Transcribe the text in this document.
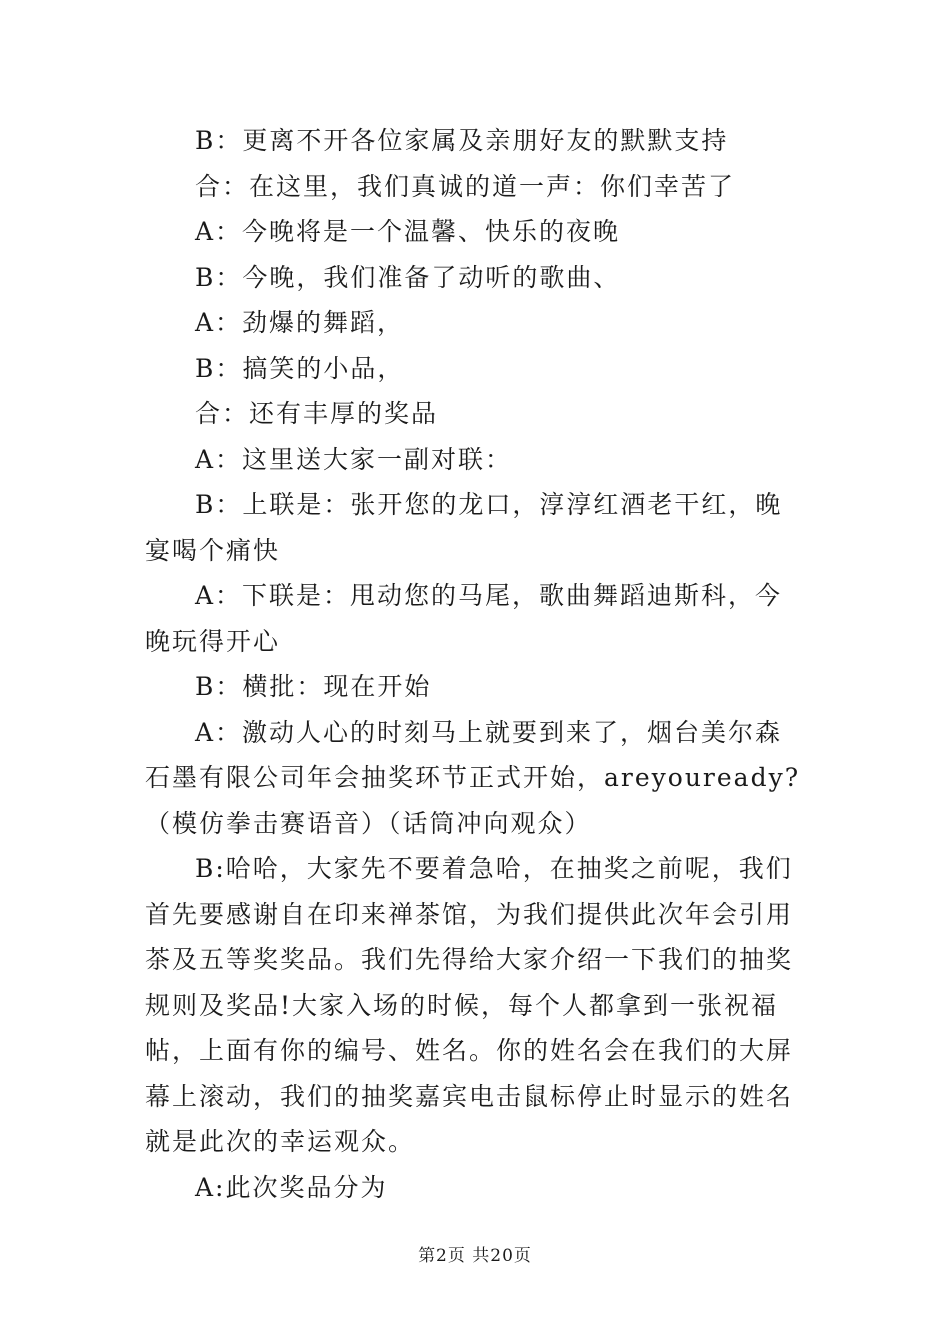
B：更离不开各位家属及亲朋好友的默默支持

合：在这里，我们真诚的道一声：你们幸苦了

A：今晚将是一个温馨、快乐的夜晚

B：今晚，我们准备了动听的歌曲、

A：劲爆的舞蹈，

B：搞笑的小品，

合：还有丰厚的奖品

A：这里送大家一副对联：

B：上联是：张开您的龙口，淳淳红酒老干红，晚宴喝个痛快

A：下联是：甩动您的马尾，歌曲舞蹈迪斯科，今晚玩得开心

B：横批：现在开始

A：激动人心的时刻马上就要到来了，烟台美尔森石墨有限公司年会抽奖环节正式开始，areyouready?（模仿拳击赛语音）（话筒冲向观众）

B:哈哈，大家先不要着急哈，在抽奖之前呢，我们首先要感谢自在印来禅茶馆，为我们提供此次年会引用茶及五等奖奖品。我们先得给大家介绍一下我们的抽奖规则及奖品!大家入场的时候，每个人都拿到一张祝福帖，上面有你的编号、姓名。你的姓名会在我们的大屏幕上滚动，我们的抽奖嘉宾电击鼠标停止时显示的姓名就是此次的幸运观众。

A:此次奖品分为

第2页 共20页
